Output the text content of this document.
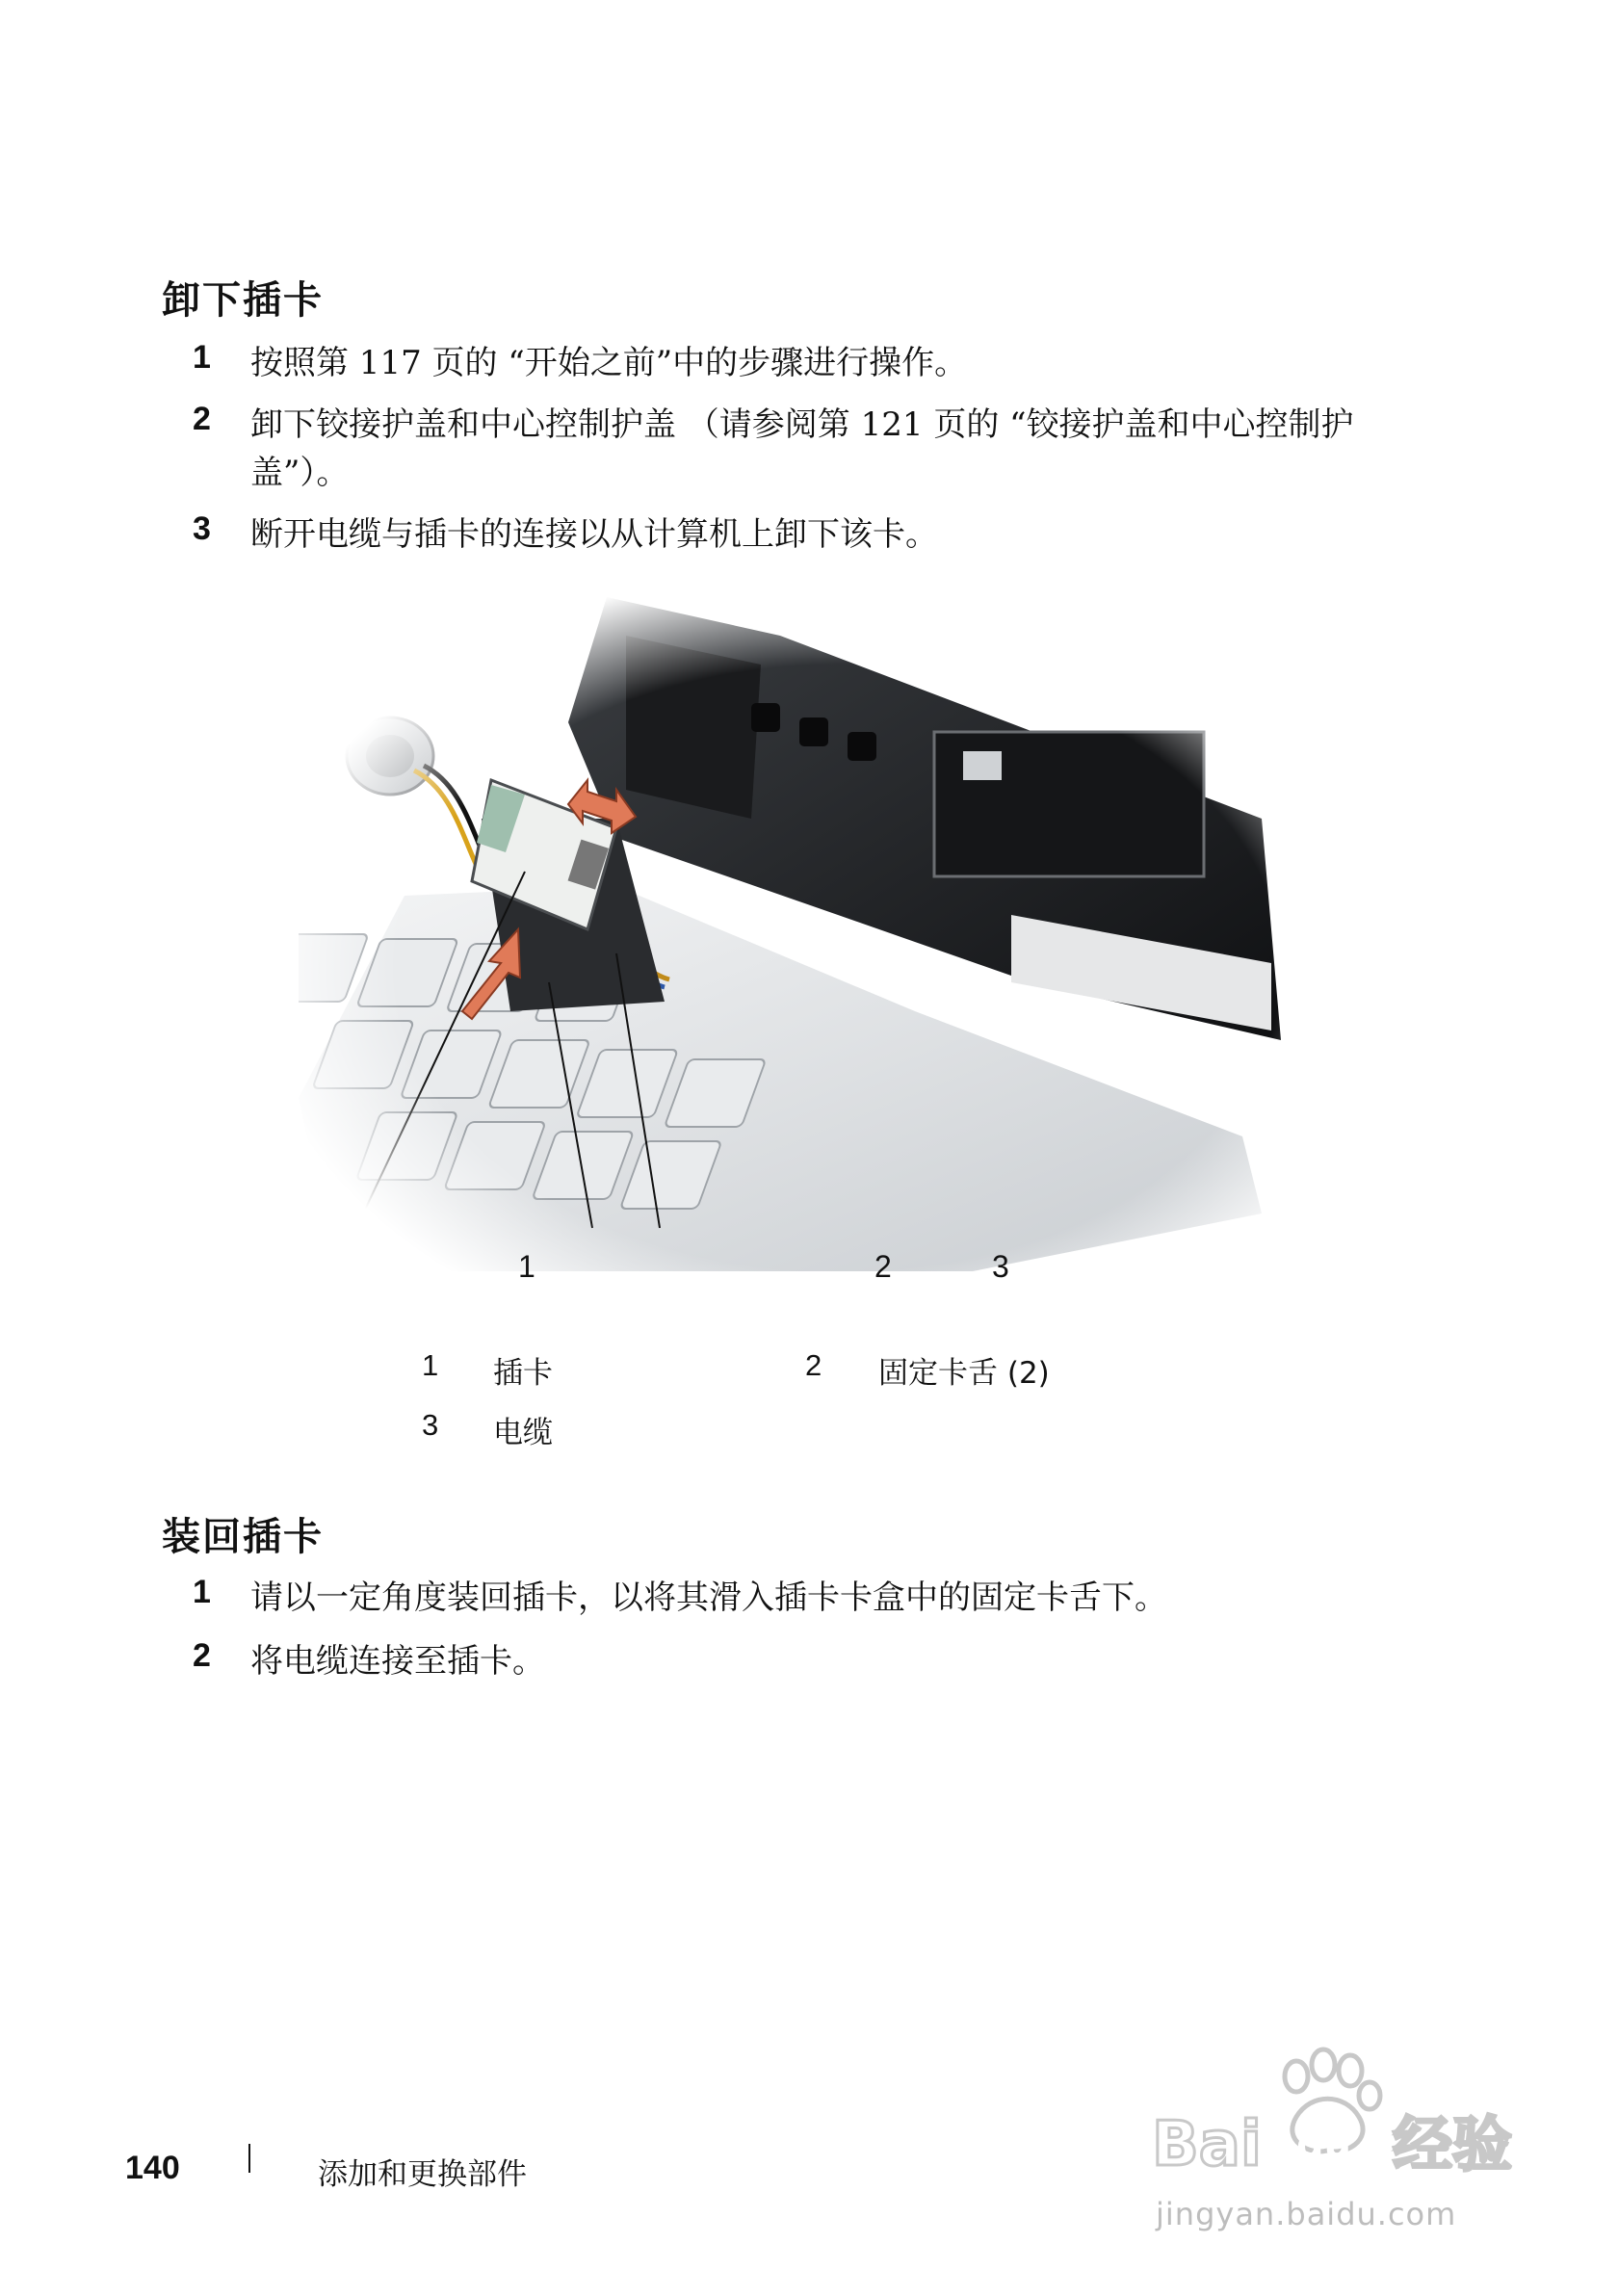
卸下插卡
1 按照第 117 页的 “开始之前”中的步骤进行操作。
2 卸下铰接护盖和中心控制护盖 （请参阅第 121 页的 “铰接护盖和中心控制护盖”）。
3 断开电缆与插卡的连接以从计算机上卸下该卡。
1	2	3
1 插卡	2 固定卡舌 (2)
3 电缆
装回插卡
1 请以一定角度装回插卡，以将其滑入插卡卡盒中的固定卡舌下。
2 将电缆连接至插卡。
140	添加和更换部件	Bai du 经验
jingyan.baidu.com
